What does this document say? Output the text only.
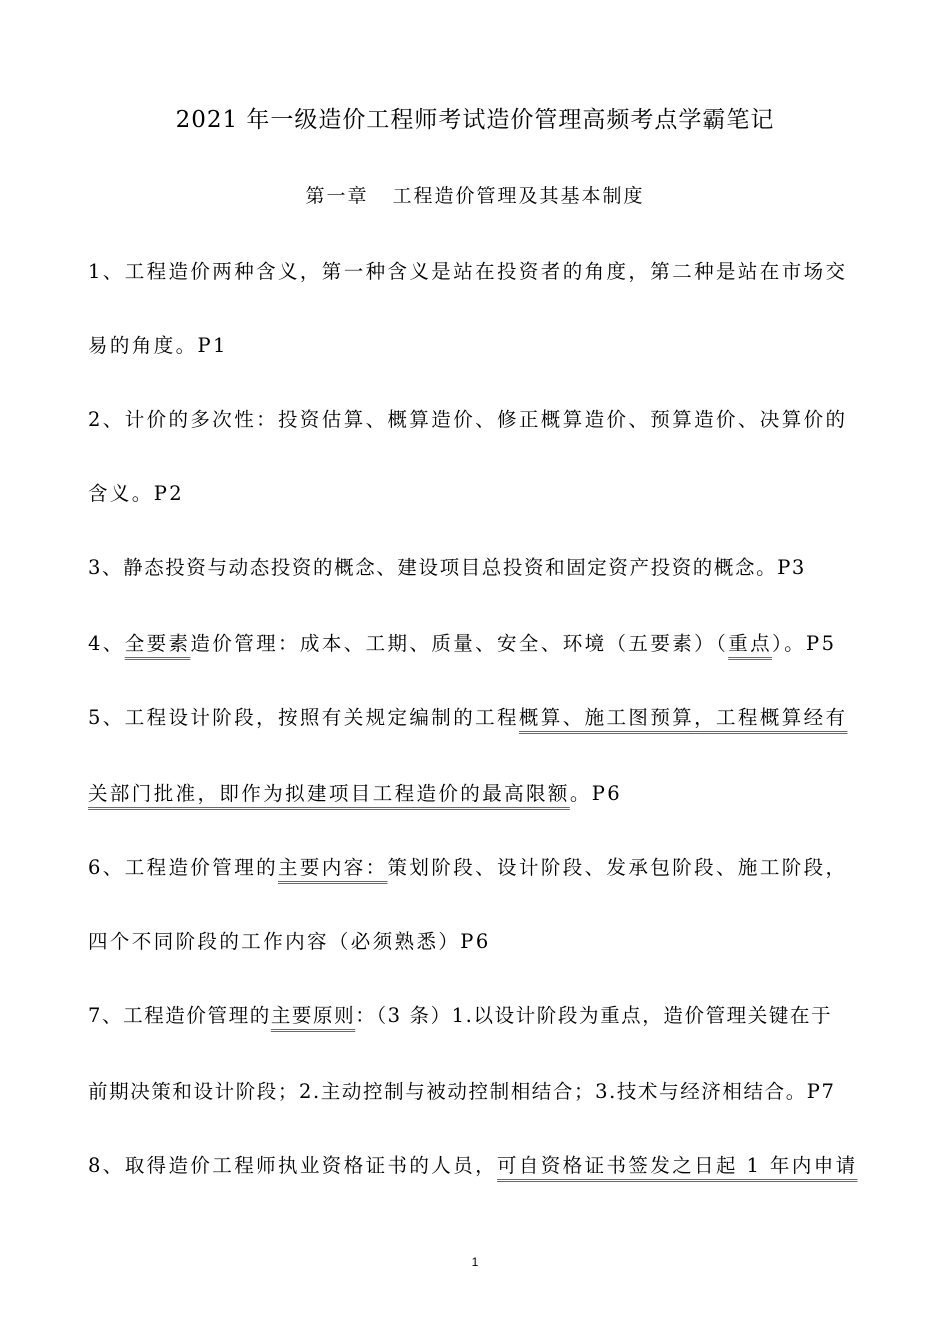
2021 年一级造价工程师考试造价管理高频考点学霸笔记
第一章   工程造价管理及其基本制度
1、工程造价两种含义，第一种含义是站在投资者的角度，第二种是站在市场交
易的角度。P1
2、计价的多次性：投资估算、概算造价、修正概算造价、预算造价、决算价的
含义。P2
3、静态投资与动态投资的概念、建设项目总投资和固定资产投资的概念。P3
4、全要素造价管理：成本、工期、质量、安全、环境（五要素）（重点）。P5
5、工程设计阶段，按照有关规定编制的工程概算、施工图预算，工程概算经有
关部门批准，即作为拟建项目工程造价的最高限额。P6
6、工程造价管理的主要内容：策划阶段、设计阶段、发承包阶段、施工阶段，
四个不同阶段的工作内容（必须熟悉）P6
7、工程造价管理的主要原则：（3 条）1.以设计阶段为重点，造价管理关键在于
前期决策和设计阶段；2.主动控制与被动控制相结合；3.技术与经济相结合。P7
8、取得造价工程师执业资格证书的人员，可自资格证书签发之日起 1 年内申请
1
